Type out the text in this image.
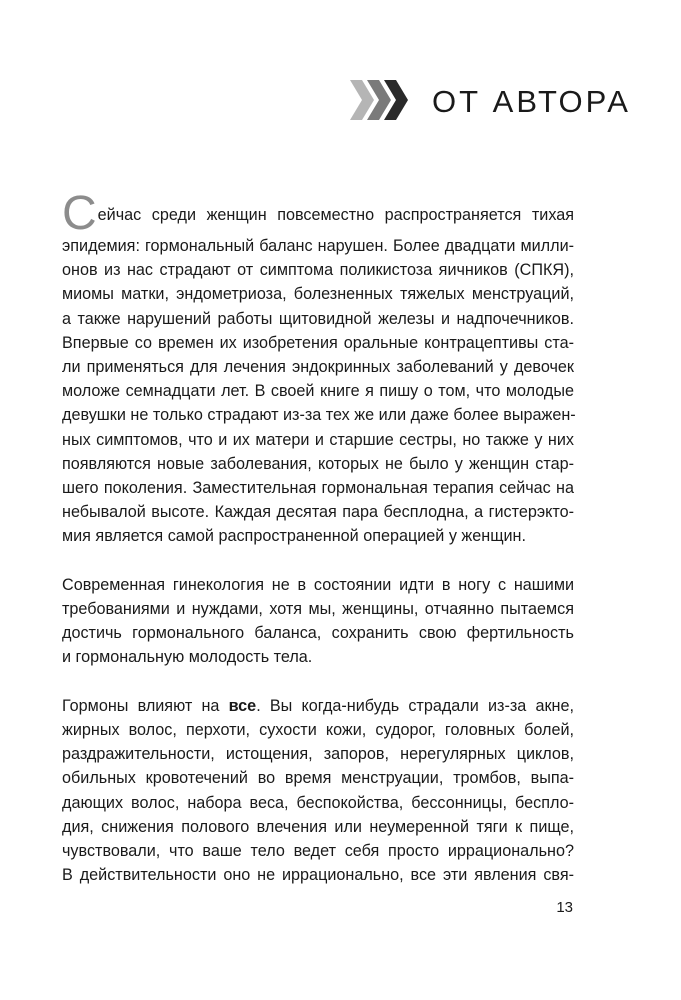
ОТ АВТОРА
С ейчас среди женщин повсеместно распространяется тихая
эпидемия: гормональный баланс нарушен. Более двадцати милли-
онов из нас страдают от симптома поликистоза яичников (СПКЯ),
миомы матки, эндометриоза, болезненных тяжелых менструаций,
а также нарушений работы щитовидной железы и надпочечников.
Впервые со времен их изобретения оральные контрацептивы ста-
ли применяться для лечения эндокринных заболеваний у девочек
моложе семнадцати лет. В своей книге я пишу о том, что молодые
девушки не только страдают из-за тех же или даже более выражен-
ных симптомов, что и их матери и старшие сестры, но также у них
появляются новые заболевания, которых не было у женщин стар-
шего поколения. Заместительная гормональная терапия сейчас на
небывалой высоте. Каждая десятая пара бесплодна, а гистерэкто-
мия является самой распространенной операцией у женщин.
Современная гинекология не в состоянии идти в ногу с нашими
требованиями и нуждами, хотя мы, женщины, отчаянно пытаемся
достичь гормонального баланса, сохранить свою фертильность
и гормональную молодость тела.
Гормоны влияют на все. Вы когда-нибудь страдали из-за акне,
жирных волос, перхоти, сухости кожи, судорог, головных болей,
раздражительности, истощения, запоров, нерегулярных циклов,
обильных кровотечений во время менструации, тромбов, выпа-
дающих волос, набора веса, беспокойства, бессонницы, беспло-
дия, снижения полового влечения или неумеренной тяги к пище,
чувствовали, что ваше тело ведет себя просто иррационально?
В действительности оно не иррационально, все эти явления свя-
13
